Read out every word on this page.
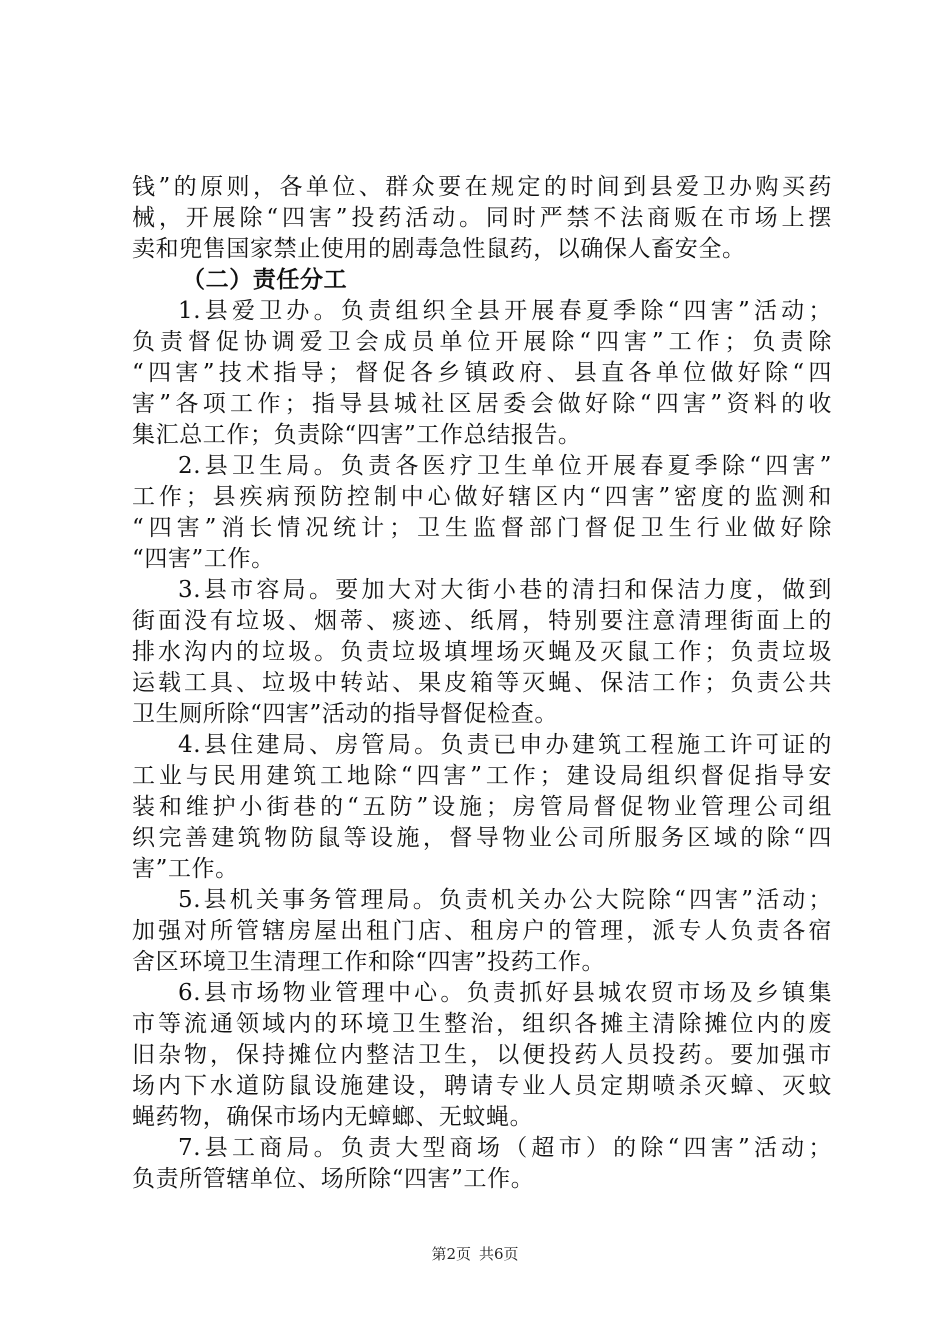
钱”的原则，各单位、群众要在规定的时间到县爱卫办购买药
械，开展除“四害”投药活动。同时严禁不法商贩在市场上摆
卖和兜售国家禁止使用的剧毒急性鼠药，以确保人畜安全。
（二）责任分工
1.县爱卫办。负责组织全县开展春夏季除“四害”活动；
负责督促协调爱卫会成员单位开展除“四害”工作；负责除
“四害”技术指导；督促各乡镇政府、县直各单位做好除“四
害”各项工作；指导县城社区居委会做好除“四害”资料的收
集汇总工作；负责除“四害”工作总结报告。
2.县卫生局。负责各医疗卫生单位开展春夏季除“四害”
工作；县疾病预防控制中心做好辖区内“四害”密度的监测和
“四害”消长情况统计；卫生监督部门督促卫生行业做好除
“四害”工作。
3.县市容局。要加大对大街小巷的清扫和保洁力度，做到
街面没有垃圾、烟蒂、痰迹、纸屑，特别要注意清理街面上的
排水沟内的垃圾。负责垃圾填埋场灭蝇及灭鼠工作；负责垃圾
运载工具、垃圾中转站、果皮箱等灭蝇、保洁工作；负责公共
卫生厕所除“四害”活动的指导督促检查。
4.县住建局、房管局。负责已申办建筑工程施工许可证的
工业与民用建筑工地除“四害”工作；建设局组织督促指导安
装和维护小街巷的“五防”设施；房管局督促物业管理公司组
织完善建筑物防鼠等设施，督导物业公司所服务区域的除“四
害”工作。
5.县机关事务管理局。负责机关办公大院除“四害”活动；
加强对所管辖房屋出租门店、租房户的管理，派专人负责各宿
舍区环境卫生清理工作和除“四害”投药工作。
6.县市场物业管理中心。负责抓好县城农贸市场及乡镇集
市等流通领域内的环境卫生整治，组织各摊主清除摊位内的废
旧杂物，保持摊位内整洁卫生，以便投药人员投药。要加强市
场内下水道防鼠设施建设，聘请专业人员定期喷杀灭蟑、灭蚊
蝇药物，确保市场内无蟑螂、无蚊蝇。
7.县工商局。负责大型商场（超市）的除“四害”活动；
负责所管辖单位、场所除“四害”工作。
第2页 共6页
